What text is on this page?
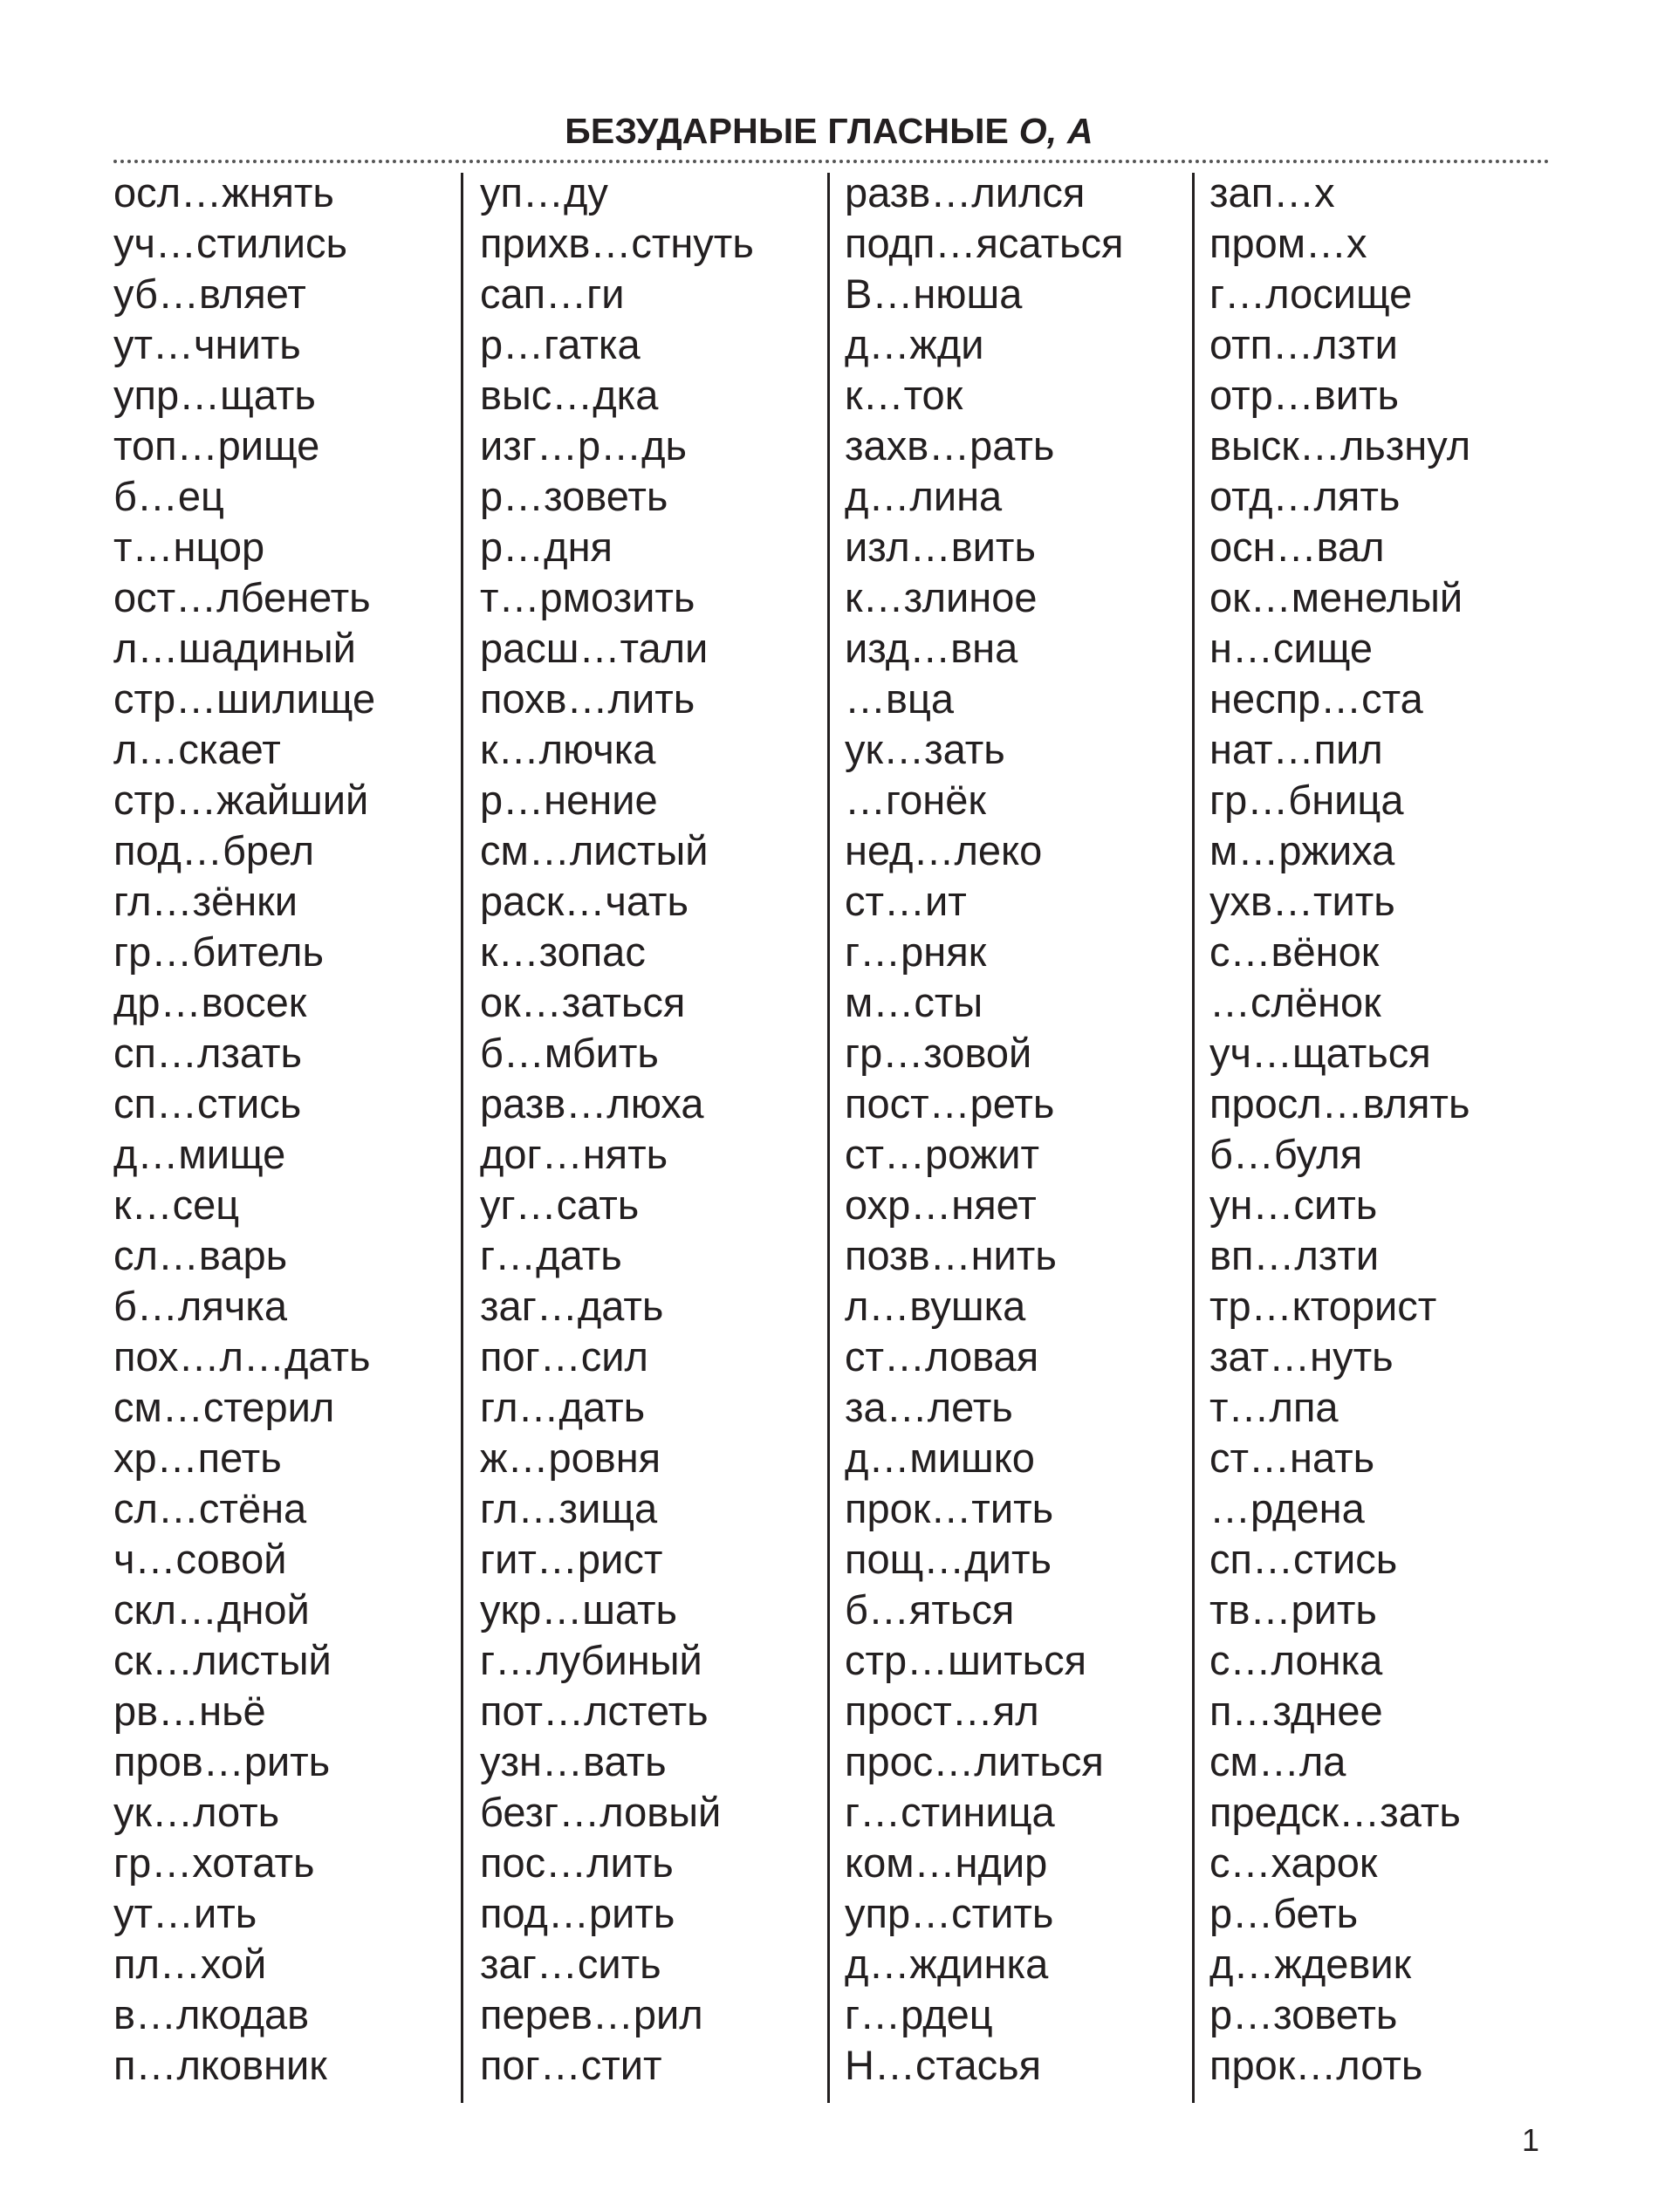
БЕЗУДАРНЫЕ ГЛАСНЫЕ О, А
осл…жнять
уч…стились
уб…вляет
ут…чнить
упр…щать
топ…рище
б…ец
т…нцор
ост…лбенеть
л…шадиный
стр…шилище
л…скает
стр…жайший
под…брел
гл…зёнки
гр…битель
др…восек
сп…лзать
сп…стись
д…мище
к…сец
сл…варь
б…лячка
пох…л…дать
см…стерил
хр…петь
сл…стёна
ч…совой
скл…дной
ск…листый
рв…ньё
пров…рить
ук…лоть
гр…хотать
ут…ить
пл…хой
в…лкодав
п…лковник
уп…ду
прихв…стнуть
сап…ги
р…гатка
выс…дка
изг…р…дь
р…зоветь
р…дня
т…рмозить
расш…тали
похв…лить
к…лючка
р…нение
см…листый
раск…чать
к…зопас
ок…заться
б…мбить
разв…люха
дог…нять
уг…сать
г…дать
заг…дать
пог…сил
гл…дать
ж…ровня
гл…зища
гит…рист
укр…шать
г…лубиный
пот…лстеть
узн…вать
безг…ловый
пос…лить
под…рить
заг…сить
перев…рил
пог…стит
разв…лился
подп…ясаться
В…нюша
д…жди
к…ток
захв…рать
д…лина
изл…вить
к…злиное
изд…вна
…вца
ук…зать
…гонёк
нед…леко
ст…ит
г…рняк
м…сты
гр…зовой
пост…реть
ст…рожит
охр…няет
позв…нить
л…вушка
ст…ловая
за…леть
д…мишко
прок…тить
пощ…дить
б…яться
стр…шиться
прост…ял
прос…литься
г…стиница
ком…ндир
упр…стить
д…ждинка
г…рдец
Н…стасья
зап…х
пром…х
г…лосище
отп…лзти
отр…вить
выск…льзнул
отд…лять
осн…вал
ок…менелый
н…сище
неспр…ста
нат…пил
гр…бница
м…ржиха
ухв…тить
с…вёнок
…слёнок
уч…щаться
просл…влять
б…буля
ун…сить
вп…лзти
тр…кторист
зат…нуть
т…лпа
ст…нать
…рдена
сп…стись
тв…рить
с…лонка
п…зднее
см…ла
предск…зать
с…харок
р…беть
д…ждевик
р…зоветь
прок…лоть
1
